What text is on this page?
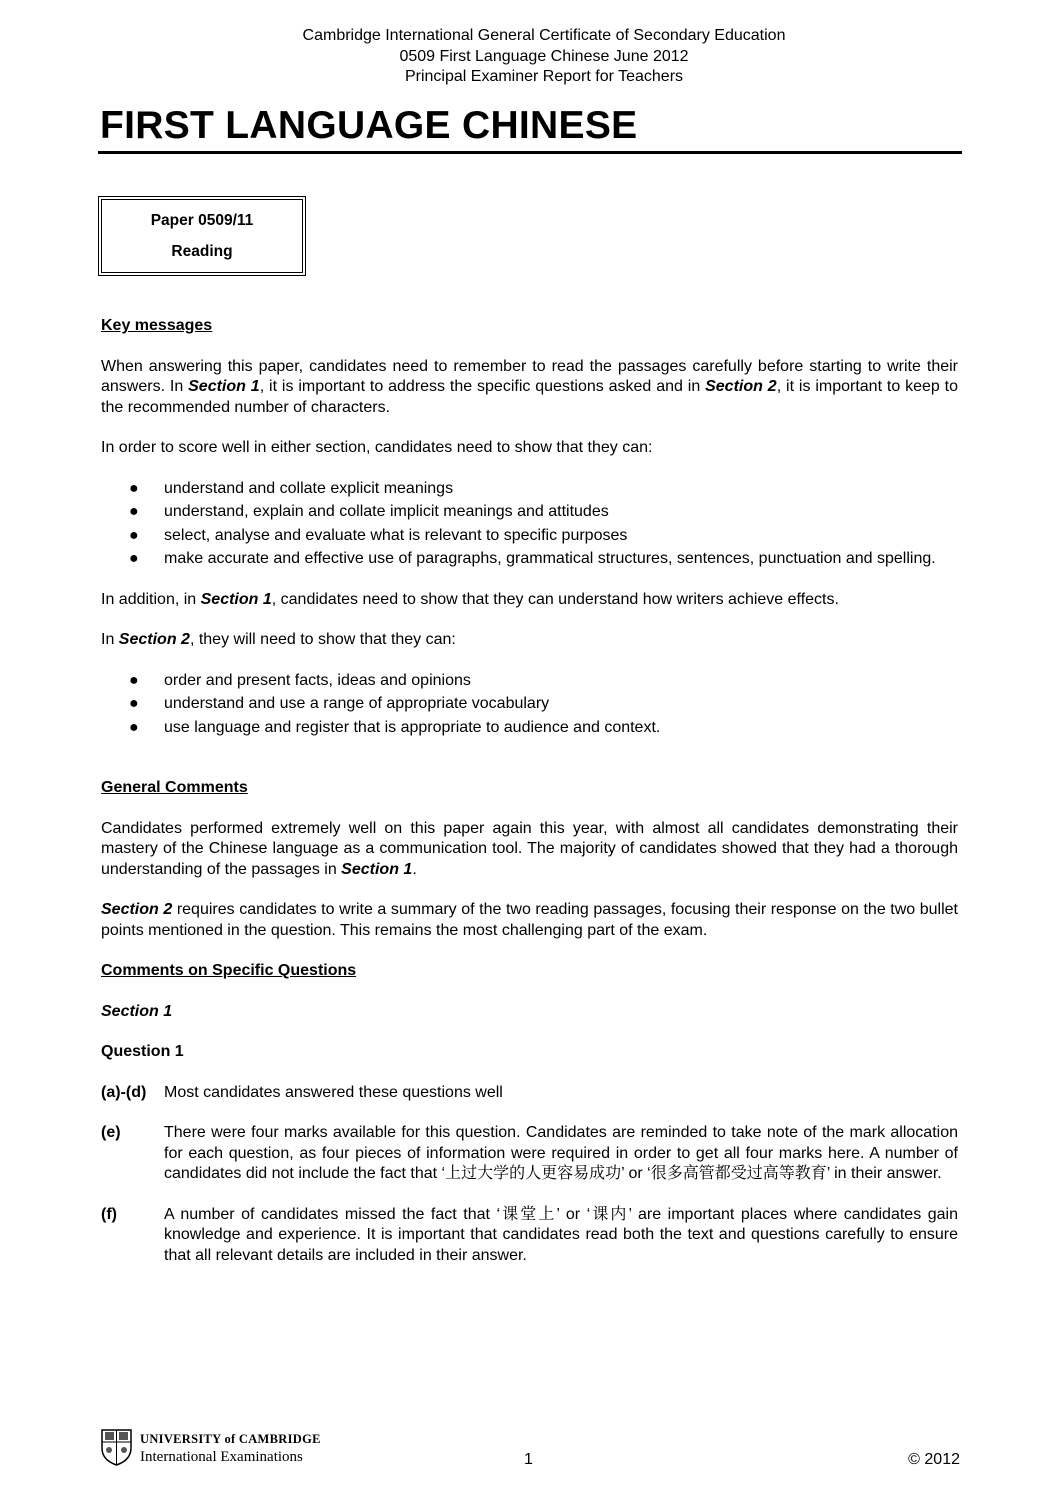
Cambridge International General Certificate of Secondary Education
0509 First Language Chinese June 2012
Principal Examiner Report for Teachers
FIRST LANGUAGE CHINESE
Paper 0509/11
Reading
Key messages

When answering this paper, candidates need to remember to read the passages carefully before starting to write their answers. In Section 1, it is important to address the specific questions asked and in Section 2, it is important to keep to the recommended number of characters.

In order to score well in either section, candidates need to show that they can:

● understand and collate explicit meanings
● understand, explain and collate implicit meanings and attitudes
● select, analyse and evaluate what is relevant to specific purposes
● make accurate and effective use of paragraphs, grammatical structures, sentences, punctuation and spelling.

In addition, in Section 1, candidates need to show that they can understand how writers achieve effects.

In Section 2, they will need to show that they can:

● order and present facts, ideas and opinions
● understand and use a range of appropriate vocabulary
● use language and register that is appropriate to audience and context.
General Comments

Candidates performed extremely well on this paper again this year, with almost all candidates demonstrating their mastery of the Chinese language as a communication tool. The majority of candidates showed that they had a thorough understanding of the passages in Section 1.

Section 2 requires candidates to write a summary of the two reading passages, focusing their response on the two bullet points mentioned in the question. This remains the most challenging part of the exam.

Comments on Specific Questions

Section 1

Question 1

(a)-(d)	Most candidates answered these questions well
(e)	There were four marks available for this question. Candidates are reminded to take note of the mark allocation for each question, as four pieces of information were required in order to get all four marks here. A number of candidates did not include the fact that ‘上过大学的人更容易成功’ or ‘很多高管都受过高等教育’ in their answer.
(f)	A number of candidates missed the fact that ‘课堂上’ or ‘课内’ are important places where candidates gain knowledge and experience. It is important that candidates read both the text and questions carefully to ensure that all relevant details are included in their answer.
UNIVERSITY of CAMBRIDGE
International Examinations	1	© 2012
